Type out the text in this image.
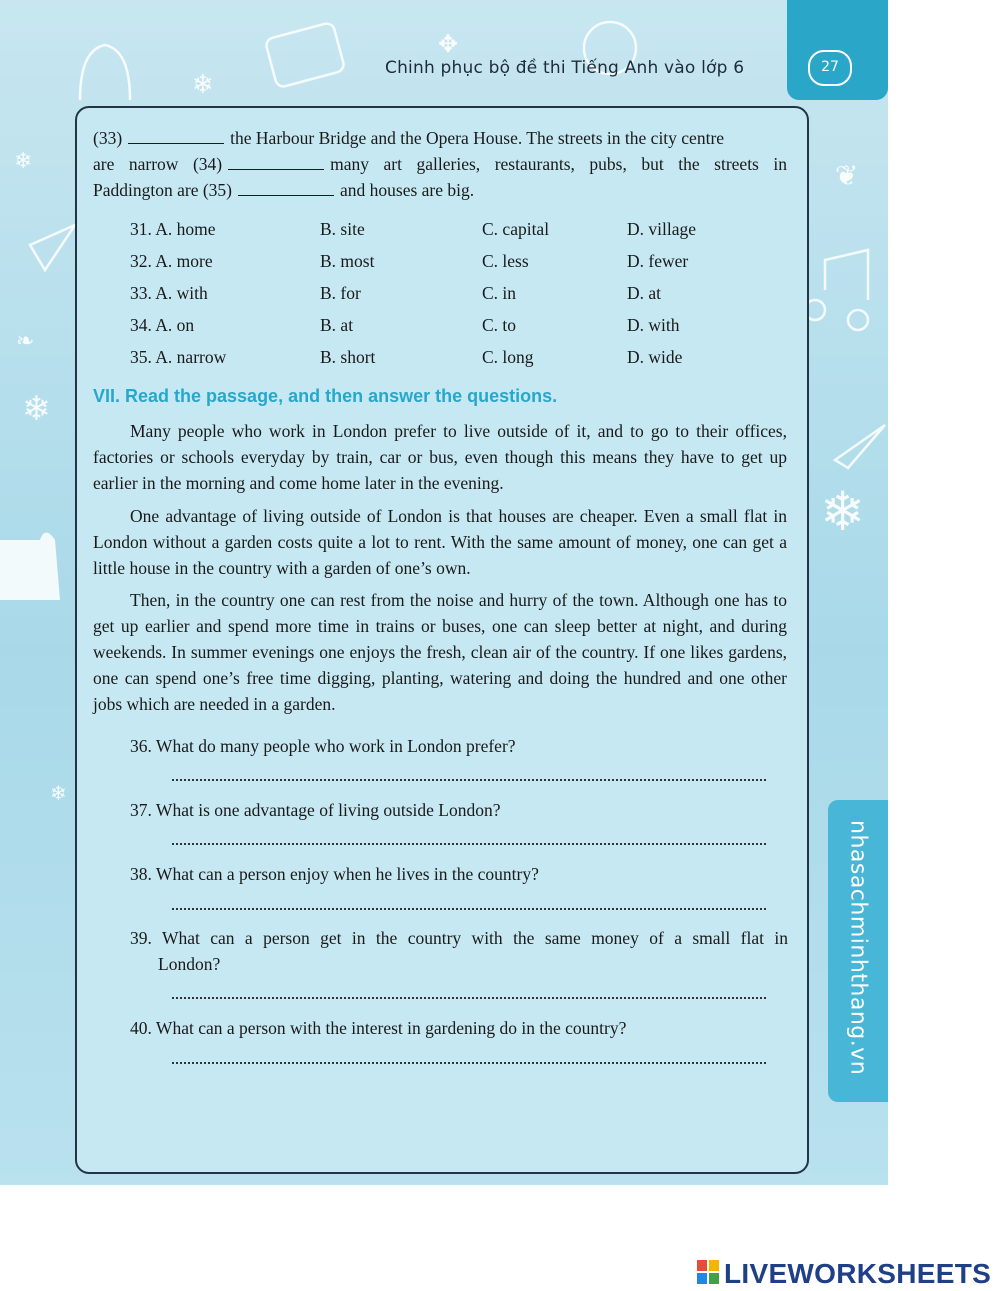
❄
❄
❄
❄
❄
❧
❦
✥
Chinh phục bộ đề thi Tiếng Anh vào lớp 6	27
nhasachminhthang.vn
(33)	the Harbour Bridge and the Opera House. The streets in the city centre
are narrow (34)	many art galleries, restaurants, pubs, but the streets in
Paddington are (35)	and houses are big.
31. A. home	B. site	C. capital	D. village
32. A. more	B. most	C. less	D. fewer
33. A. with	B. for	C. in	D. at
34. A. on	B. at	C. to	D. with
35. A. narrow	B. short	C. long	D. wide
VII. Read the passage, and then answer the questions.
Many people who work in London prefer to live outside of it, and to go to their offices, factories or schools everyday by train, car or bus, even though this means they have to get up earlier in the morning and come home later in the evening.
One advantage of living outside of London is that houses are cheaper. Even a small flat in London without a garden costs quite a lot to rent. With the same amount of money, one can get a little house in the country with a garden of one’s own.
Then, in the country one can rest from the noise and hurry of the town. Although one has to get up earlier and spend more time in trains or buses, one can sleep better at night, and during weekends. In summer evenings one enjoys the fresh, clean air of the country. If one likes gardens, one can spend one’s free time digging, planting, watering and doing the hundred and one other jobs which are needed in a garden.
36. What do many people who work in London prefer?
37. What is one advantage of living outside London?
38. What can a person enjoy when he lives in the country?
39. What can a person get in the country with the same money of a small flat in
London?
40. What can a person with the interest in gardening do in the country?
LIVEWORKSHEETS
